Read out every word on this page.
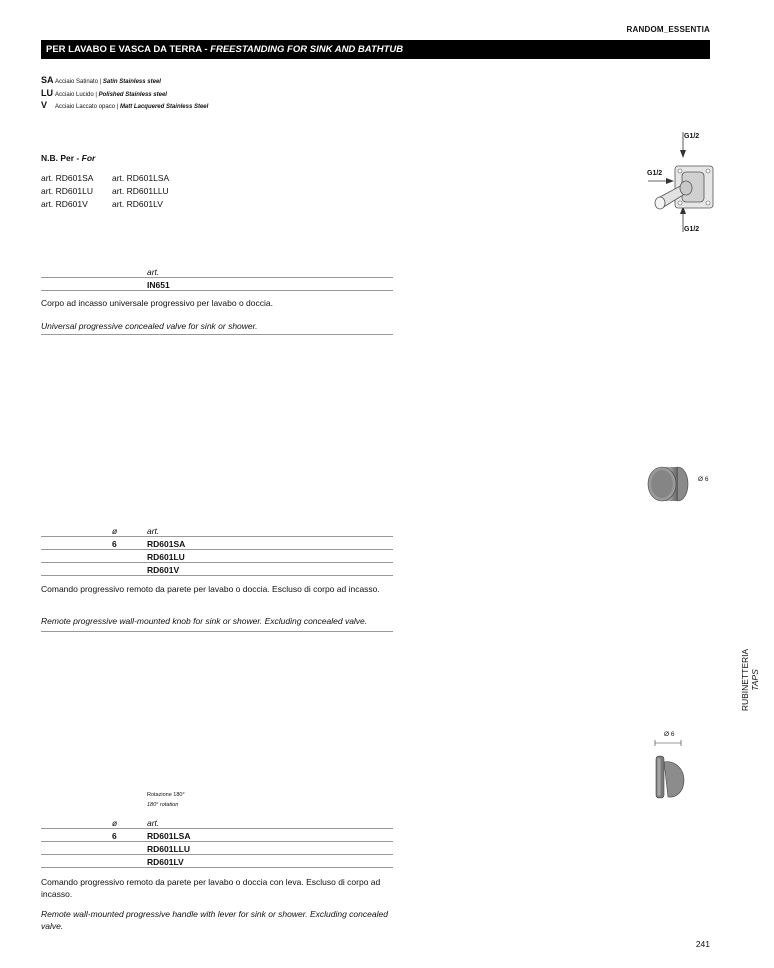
RANDOM_ESSENTIA
PER LAVABO E VASCA DA TERRA - FREESTANDING FOR SINK AND BATHTUB
SAAcciaio Satinato | Satin Stainless steel
LU Acciaio Lucido | Polished Stainless steel
V Acciaio Laccato opaco | Matt Lacquered Stainless Steel
N.B. Per - For
art. RD601SA art. RD601LSA
art. RD601LU art. RD601LLU
art. RD601V	art. RD601LV
G1/2
G1/2
G1/2
art.
IN651
Corpo ad incasso universale progressivo per lavabo o doccia.
Universal progressive concealed valve for sink or shower.
Ø 6
ø	art.
6	RD601SA
RD601LU
RD601V
Comando progressivo remoto da parete per lavabo o doccia. Escluso di corpo ad incasso.
Remote progressive wall-mounted knob for sink or shower. Excluding concealed valve.
RUBINETTERIA TAPS
Ø 6
Rotazione 180°
180° rotation
ø	art.
6	RD601LSA
RD601LLU
RD601LV
Comando progressivo remoto da parete per lavabo o doccia con leva. Escluso di corpo ad incasso.
Remote wall-mounted progressive handle with lever for sink or shower. Excluding concealed valve.
241
